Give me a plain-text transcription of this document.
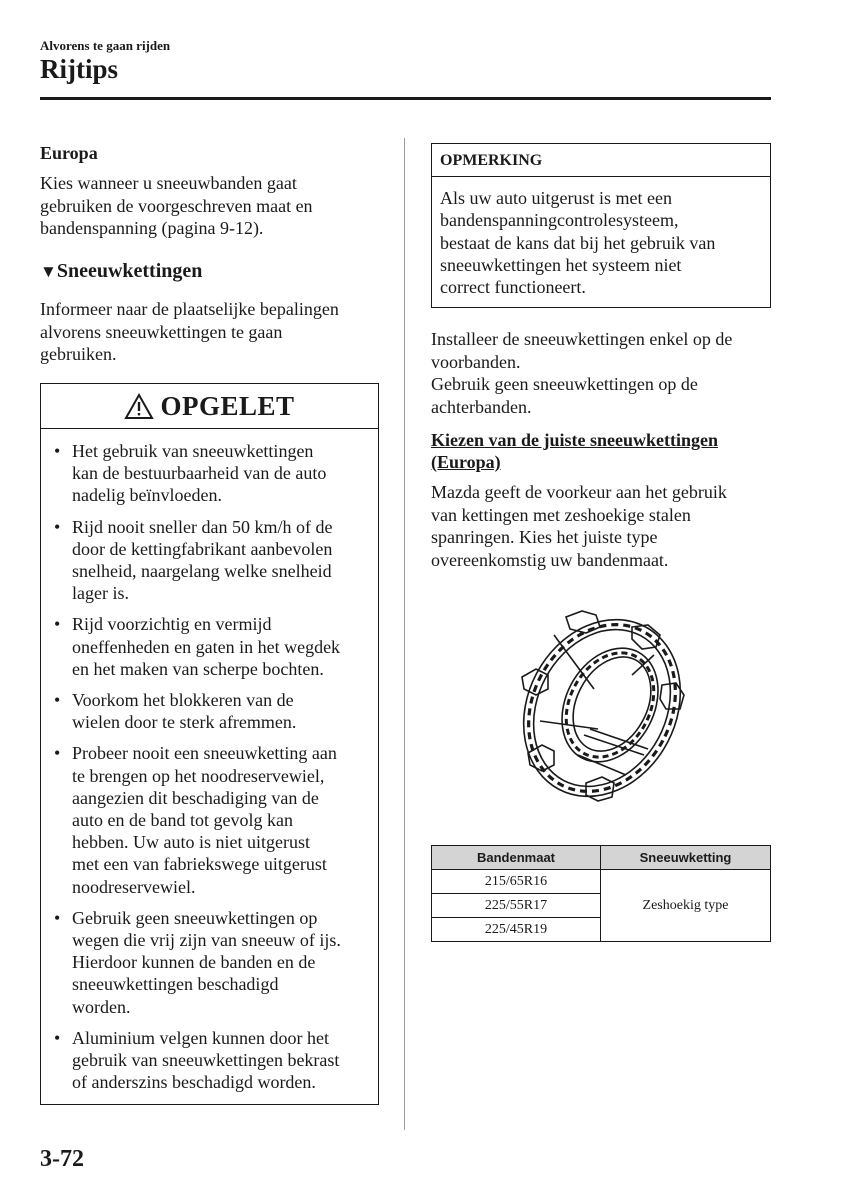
Alvorens te gaan rijden
Rijtips
Europa
Kies wanneer u sneeuwbanden gaat
gebruiken de voorgeschreven maat en
bandenspanning (pagina 9-12).
▼Sneeuwkettingen
Informeer naar de plaatselijke bepalingen
alvorens sneeuwkettingen te gaan
gebruiken.
OPGELET
• Het gebruik van sneeuwkettingen
kan de bestuurbaarheid van de auto
nadelig beïnvloeden.
• Rijd nooit sneller dan 50 km/h of de
door de kettingfabrikant aanbevolen
snelheid, naargelang welke snelheid
lager is.
• Rijd voorzichtig en vermijd
oneffenheden en gaten in het wegdek
en het maken van scherpe bochten.
• Voorkom het blokkeren van de
wielen door te sterk afremmen.
• Probeer nooit een sneeuwketting aan
te brengen op het noodreservewiel,
aangezien dit beschadiging van de
auto en de band tot gevolg kan
hebben. Uw auto is niet uitgerust
met een van fabriekswege uitgerust
noodreservewiel.
• Gebruik geen sneeuwkettingen op
wegen die vrij zijn van sneeuw of ijs.
Hierdoor kunnen de banden en de
sneeuwkettingen beschadigd
worden.
• Aluminium velgen kunnen door het
gebruik van sneeuwkettingen bekrast
of anderszins beschadigd worden.
OPMERKING
Als uw auto uitgerust is met een
bandenspanningcontrolesysteem,
bestaat de kans dat bij het gebruik van
sneeuwkettingen het systeem niet
correct functioneert.
Installeer de sneeuwkettingen enkel op de
voorbanden.
Gebruik geen sneeuwkettingen op de
achterbanden.
Kiezen van de juiste sneeuwkettingen
(Europa)
Mazda geeft de voorkeur aan het gebruik
van kettingen met zeshoekige stalen
spanringen. Kies het juiste type
overeenkomstig uw bandenmaat.
Bandenmaat	Sneeuwketting
215/65R16	Zeshoekig type
225/55R17	
225/45R19	
3-72
